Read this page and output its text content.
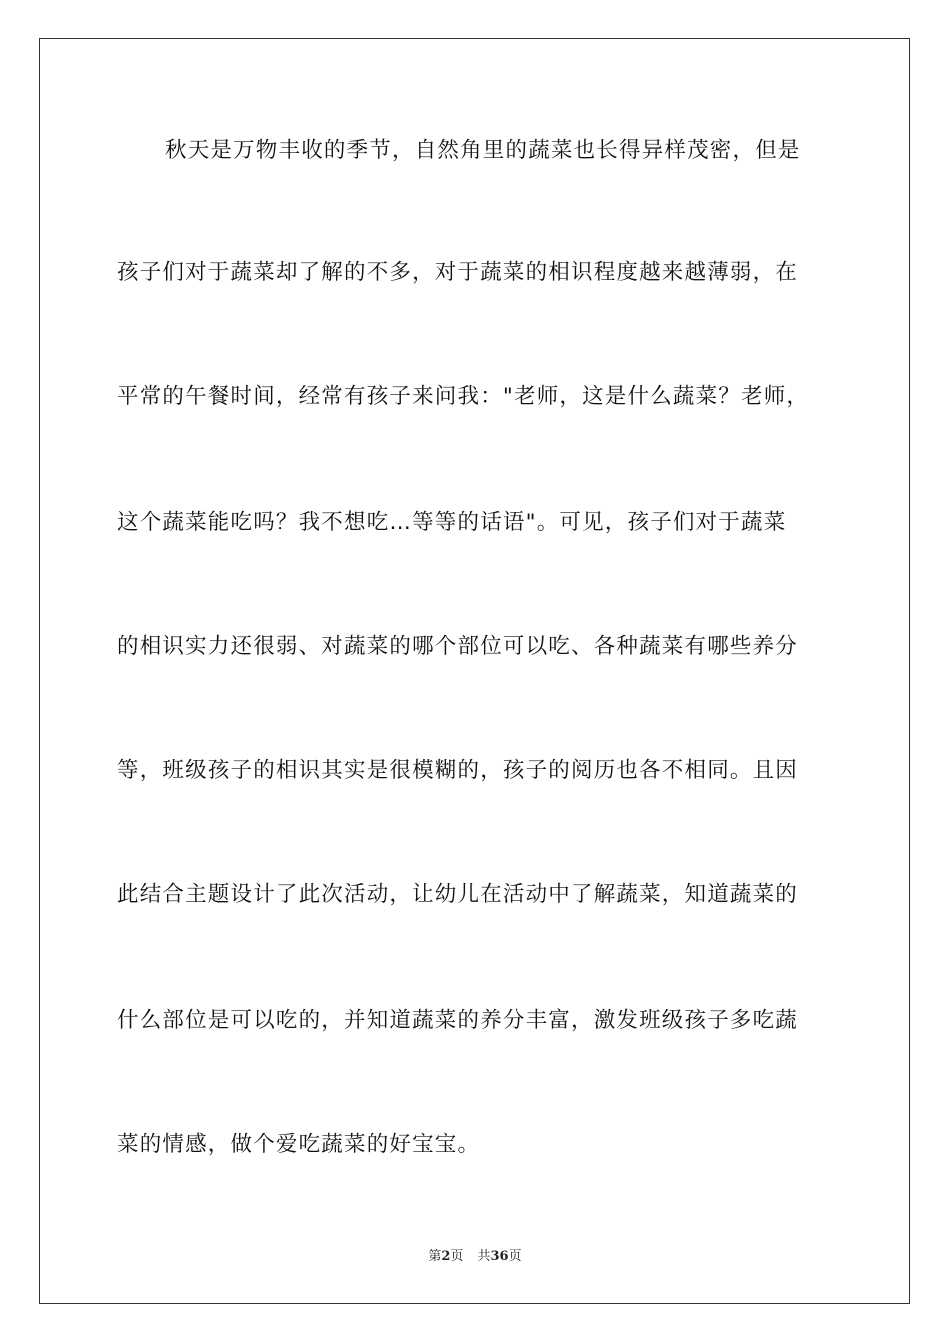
秋天是万物丰收的季节，自然角里的蔬菜也长得异样茂密，但是
孩子们对于蔬菜却了解的不多，对于蔬菜的相识程度越来越薄弱，在
平常的午餐时间，经常有孩子来问我："老师，这是什么蔬菜？老师，
这个蔬菜能吃吗？我不想吃…等等的话语"。可见，孩子们对于蔬菜
的相识实力还很弱、对蔬菜的哪个部位可以吃、各种蔬菜有哪些养分
等，班级孩子的相识其实是很模糊的，孩子的阅历也各不相同。且因
此结合主题设计了此次活动，让幼儿在活动中了解蔬菜，知道蔬菜的
什么部位是可以吃的，并知道蔬菜的养分丰富，激发班级孩子多吃蔬
菜的情感，做个爱吃蔬菜的好宝宝。
第2页 共36页
